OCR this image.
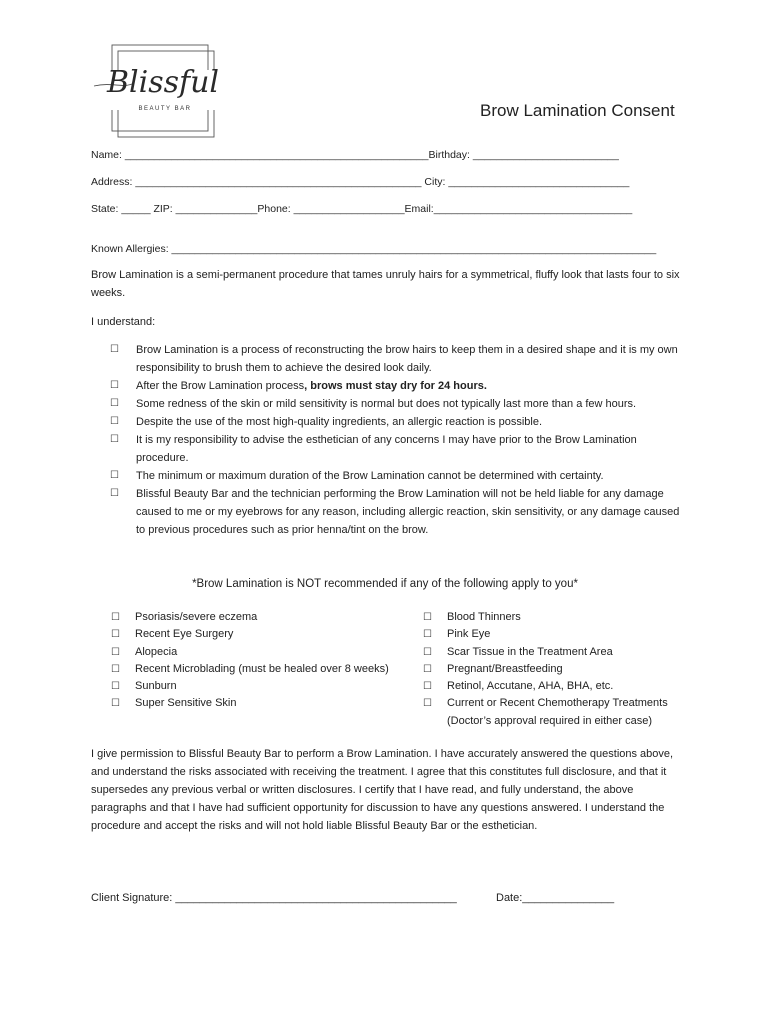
Blissful
BEAUTY BAR	Brow Lamination Consent
Name: ____________________________________________________Birthday: _________________________
Address: _________________________________________________ City: _______________________________
State: _____ ZIP: ______________Phone: ___________________Email:__________________________________
Known Allergies: ___________________________________________________________________________________
Brow Lamination is a semi-permanent procedure that tames unruly hairs for a symmetrical, fluffy look that lasts four to six weeks.
I understand:
☐	Brow Lamination is a process of reconstructing the brow hairs to keep them in a desired shape and it is my own responsibility to brush them to achieve the desired look daily.
☐	After the Brow Lamination process, brows must stay dry for 24 hours.
☐	Some redness of the skin or mild sensitivity is normal but does not typically last more than a few hours.
☐	Despite the use of the most high-quality ingredients, an allergic reaction is possible.
☐	It is my responsibility to advise the esthetician of any concerns I may have prior to the Brow Lamination procedure.
☐	The minimum or maximum duration of the Brow Lamination cannot be determined with certainty.
☐	Blissful Beauty Bar and the technician performing the Brow Lamination will not be held liable for any damage caused to me or my eyebrows for any reason, including allergic reaction, skin sensitivity, or any damage caused to previous procedures such as prior henna/tint on the brow.
*Brow Lamination is NOT recommended if any of the following apply to you*
☐	Psoriasis/severe eczema
☐	Recent Eye Surgery
☐	Alopecia
☐	Recent Microblading (must be healed over 8 weeks)
☐	Sunburn
☐	Super Sensitive Skin
☐	Blood Thinners
☐	Pink Eye
☐	Scar Tissue in the Treatment Area
☐	Pregnant/Breastfeeding
☐	Retinol, Accutane, AHA, BHA, etc.
☐	Current or Recent Chemotherapy Treatments (Doctor’s approval required in either case)
I give permission to Blissful Beauty Bar to perform a Brow Lamination. I have accurately answered the questions above, and understand the risks associated with receiving the treatment. I agree that this constitutes full disclosure, and that it supersedes any previous verbal or written disclosures. I certify that I have read, and fully understand, the above paragraphs and that I have had sufficient opportunity for discussion to have any questions answered. I understand the procedure and accept the risks and will not hold liable Blissful Beauty Bar or the esthetician.
Client Signature: ______________________________________________	Date:_______________
